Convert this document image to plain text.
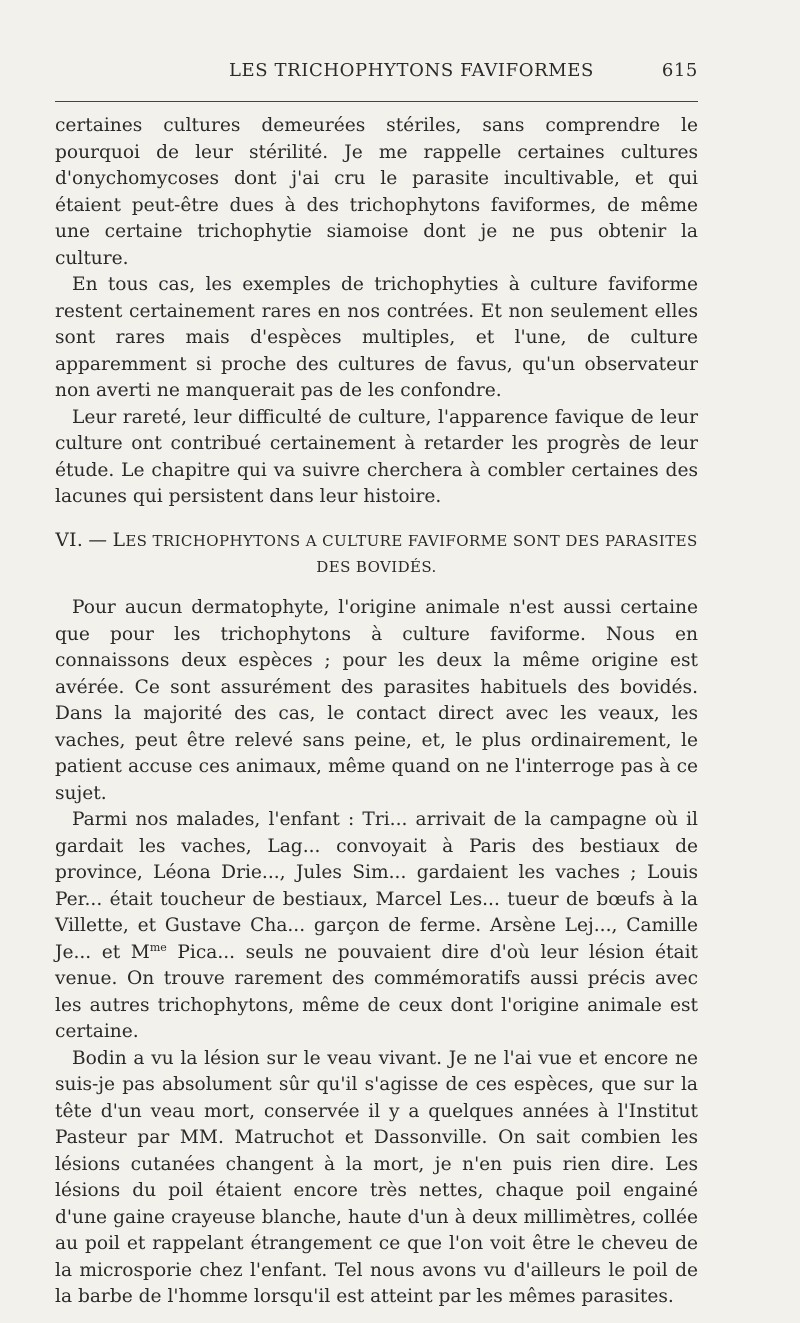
LES TRICHOPHYTONS FAVIFORMES	615

certaines cultures demeurées stériles, sans comprendre le pourquoi de leur stérilité. Je me rappelle certaines cultures d'onychomycoses dont j'ai cru le parasite incultivable, et qui étaient peut-être dues à des trichophytons faviformes, de même une certaine trichophytie siamoise dont je ne pus obtenir la culture.

En tous cas, les exemples de trichophyties à culture faviforme restent certainement rares en nos contrées. Et non seulement elles sont rares mais d'espèces multiples, et l'une, de culture apparemment si proche des cultures de favus, qu'un observateur non averti ne manquerait pas de les confondre.

Leur rareté, leur difficulté de culture, l'apparence favique de leur culture ont contribué certainement à retarder les progrès de leur étude. Le chapitre qui va suivre cherchera à combler certaines des lacunes qui persistent dans leur histoire.

VI. — LES TRICHOPHYTONS A CULTURE FAVIFORME SONT DES PARASITES
DES BOVIDÉS.

Pour aucun dermatophyte, l'origine animale n'est aussi certaine que pour les trichophytons à culture faviforme. Nous en connaissons deux espèces ; pour les deux la même origine est avérée. Ce sont assurément des parasites habituels des bovidés. Dans la majorité des cas, le contact direct avec les veaux, les vaches, peut être relevé sans peine, et, le plus ordinairement, le patient accuse ces animaux, même quand on ne l'interroge pas à ce sujet.

Parmi nos malades, l'enfant : Tri... arrivait de la campagne où il gardait les vaches, Lag... convoyait à Paris des bestiaux de province, Léona Drie..., Jules Sim... gardaient les vaches ; Louis Per... était toucheur de bestiaux, Marcel Les... tueur de bœufs à la Villette, et Gustave Cha... garçon de ferme. Arsène Lej..., Camille Je... et $M^{me}$ Pica... seuls ne pouvaient dire d'où leur lésion était venue. On trouve rarement des commémoratifs aussi précis avec les autres trichophytons, même de ceux dont l'origine animale est certaine.

Bodin a vu la lésion sur le veau vivant. Je ne l'ai vue et encore ne suis-je pas absolument sûr qu'il s'agisse de ces espèces, que sur la tête d'un veau mort, conservée il y a quelques années à l'Institut Pasteur par MM. Matruchot et Dassonville. On sait combien les lésions cutanées changent à la mort, je n'en puis rien dire. Les lésions du poil étaient encore très nettes, chaque poil engainé d'une gaine crayeuse blanche, haute d'un à deux millimètres, collée au poil et rappelant étrangement ce que l'on voit être le cheveu de la microsporie chez l'enfant. Tel nous avons vu d'ailleurs le poil de la barbe de l'homme lorsqu'il est atteint par les mêmes parasites.
